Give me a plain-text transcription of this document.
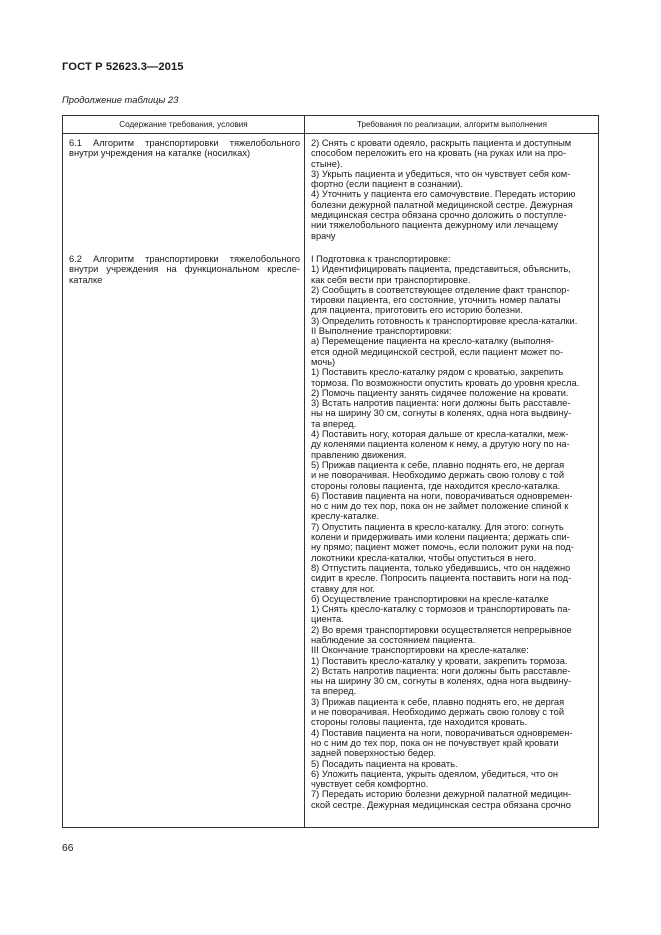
ГОСТ Р 52623.3—2015
Продолжение таблицы 23
Содержание требования, условия	Требования по реализации, алгоритм выполнения
6.1 Алгоритм транспортировки тяжелобольного внутри учреждения на каталке (носилках)
2) Снять с кровати одеяло, раскрыть пациента и доступным
способом переложить его на кровать (на руках или на про-
стыне).
3) Укрыть пациента и убедиться, что он чувствует себя ком-
фортно (если пациент в сознании).
4) Уточнить у пациента его самочувствие. Передать историю
болезни дежурной палатной медицинской сестре. Дежурная
медицинская сестра обязана срочно доложить о поступле-
нии тяжелобольного пациента дежурному или лечащему
врачу
6.2 Алгоритм транспортировки тяжелобольного внутри учреждения на функциональном кресле-каталке
I Подготовка к транспортировке:
1) Идентифицировать пациента, представиться, объяснить,
как себя вести при транспортировке.
2) Сообщить в соответствующее отделение факт транспор-
тировки пациента, его состояние, уточнить номер палаты
для пациента, приготовить его историю болезни.
3) Определить готовность к транспортировке кресла-каталки.
II Выполнение транспортировки:
а) Перемещение пациента на кресло-каталку (выполня-
ется одной медицинской сестрой, если пациент может по-
мочь)
1) Поставить кресло-каталку рядом с кроватью, закрепить
тормоза. По возможности опустить кровать до уровня кресла.
2) Помочь пациенту занять сидячее положение на кровати.
3) Встать напротив пациента: ноги должны быть расставле-
ны на ширину 30 см, согнуты в коленях, одна нога выдвину-
та вперед.
4) Поставить ногу, которая дальше от кресла-каталки, меж-
ду коленями пациента коленом к нему, а другую ногу по на-
правлению движения.
5) Прижав пациента к себе, плавно поднять его, не дергая
и не поворачивая. Необходимо держать свою голову с той
стороны головы пациента, где находится кресло-каталка.
6) Поставив пациента на ноги, поворачиваться одновремен-
но с ним до тех пор, пока он не займет положение спиной к
креслу-каталке.
7) Опустить пациента в кресло-каталку. Для этого: согнуть
колени и придерживать ими колени пациента; держать спи-
ну прямо; пациент может помочь, если положит руки на под-
локотники кресла-каталки, чтобы опуститься в него.
8) Отпустить пациента, только убедившись, что он надежно
сидит в кресле. Попросить пациента поставить ноги на под-
ставку для ног.
б) Осуществление транспортировки на кресле-каталке
1) Снять кресло-каталку с тормозов и транспортировать па-
циента.
2) Во время транспортировки осуществляется непрерывное
наблюдение за состоянием пациента.
III Окончание транспортировки на кресле-каталке:
1) Поставить кресло-каталку у кровати, закрепить тормоза.
2) Встать напротив пациента: ноги должны быть расставле-
ны на ширину 30 см, согнуты в коленях, одна нога выдвину-
та вперед.
3) Прижав пациента к себе, плавно поднять его, не дергая
и не поворачивая. Необходимо держать свою голову с той
стороны головы пациента, где находится кровать.
4) Поставив пациента на ноги, поворачиваться одновремен-
но с ним до тех пор, пока он не почувствует край кровати
задней поверхностью бедер.
5) Посадить пациента на кровать.
6) Уложить пациента, укрыть одеялом, убедиться, что он
чувствует себя комфортно.
7) Передать историю болезни дежурной палатной медицин-
ской сестре. Дежурная медицинская сестра обязана срочно
66
